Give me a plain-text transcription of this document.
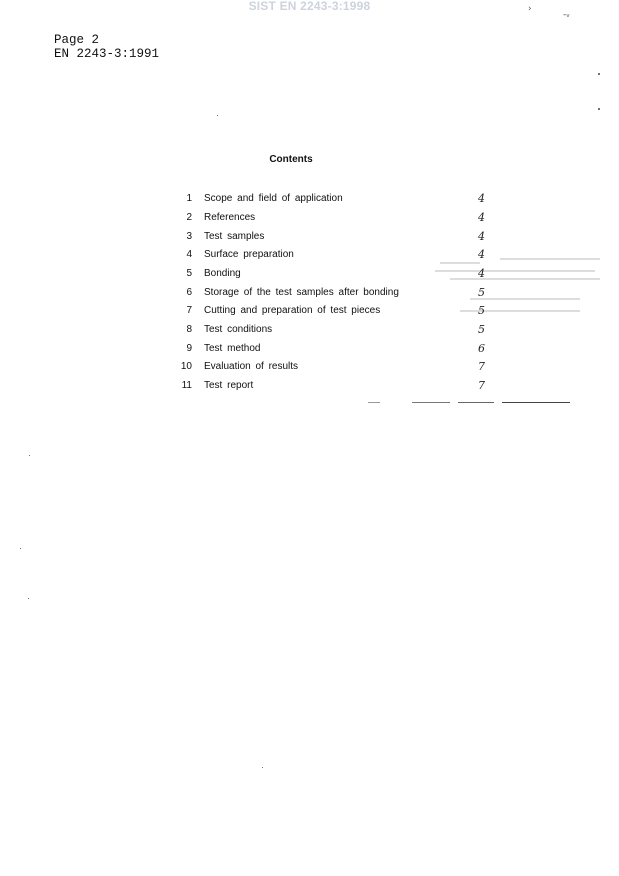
SIST EN 2243-3:1998
Page 2
EN 2243-3:1991
›
-ᵥ
Contents
1 Scope and field of application	4
2 References	4
3 Test samples	4
4 Surface preparation	4
5 Bonding	4
6 Storage of the test samples after bonding	5
7 Cutting and preparation of test pieces	5
8 Test conditions	5
9 Test method	6
10 Evaluation of results	7
11 Test report	7
